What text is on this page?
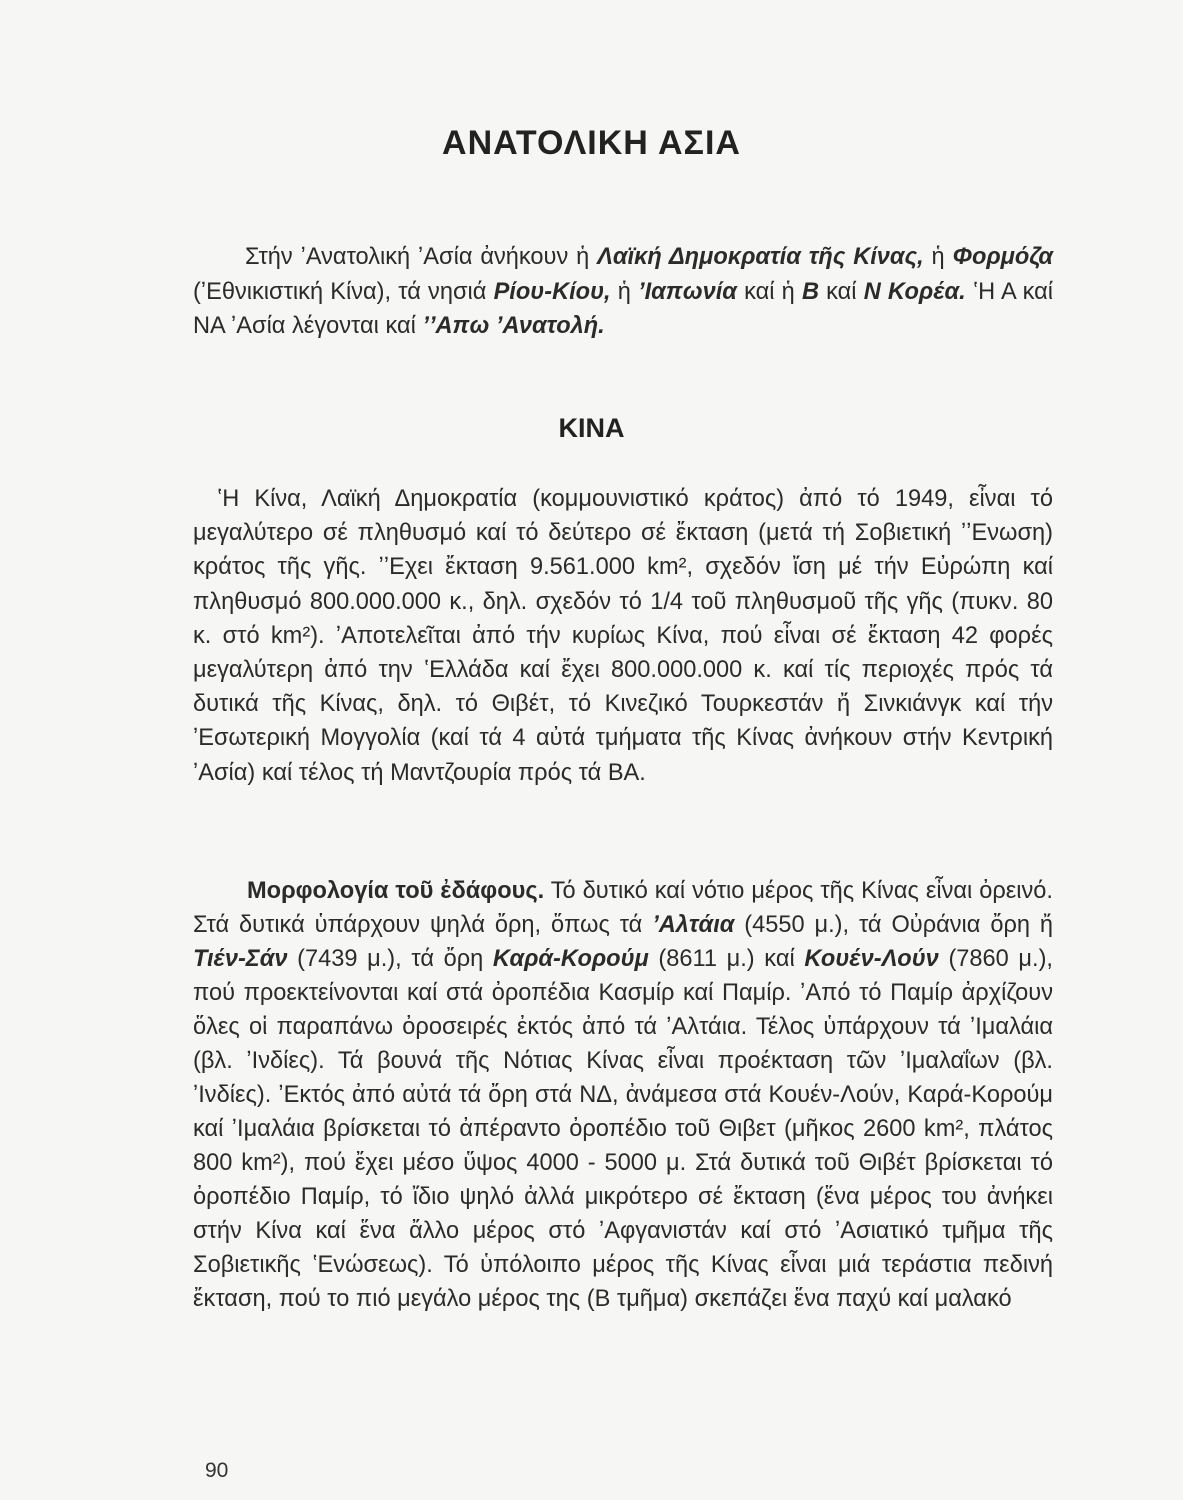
ΑΝΑΤΟΛΙΚΗ ΑΣΙΑ

Στήν ʼΑνατολική ʼΑσία ἀνήκουν ἡ Λαϊκή Δημοκρατία τῆς Κίνας, ἡ Φορμόζα (ʼΕθνικιστική Κίνα), τά νησιά Ρίου-Κίου, ἡ ʼΙαπωνία καί ἡ Β καί Ν Κορέα. ʽΗ Α καί ΝΑ ʼΑσία λέγονται καί ʼʼΑπω ʼΑνατολή.

ΚΙΝΑ

ʽΗ Κίνα, Λαϊκή Δημοκρατία (κομμουνιστικό κράτος) ἀπό τό 1949, εἶναι τό μεγαλύτερο σέ πληθυσμό καί τό δεύτερο σέ ἔκταση (μετά τή Σοβιετική ʼʼΕνωση) κράτος τῆς γῆς. ʼʼΕχει ἔκταση 9.561.000 km², σχεδόν ἴση μέ τήν Εὐρώπη καί πληθυσμό 800.000.000 κ., δηλ. σχεδόν τό 1/4 τοῦ πληθυσμοῦ τῆς γῆς (πυκν. 80 κ. στό km²). ʼΑποτελεῖται ἀπό τήν κυρίως Κίνα, πού εἶναι σέ ἔκταση 42 φορές μεγαλύτερη ἀπό την ʽΕλλάδα καί ἔχει 800.000.000 κ. καί τίς περιοχές πρός τά δυτικά τῆς Κίνας, δηλ. τό Θιβέτ, τό Κινεζικό Τουρκεστάν ἤ Σινκιάνγκ καί τήν ʼΕσωτερική Μογγολία (καί τά 4 αὐτά τμήματα τῆς Κίνας ἀνήκουν στήν Κεντρική ʼΑσία) καί τέλος τή Μαντζουρία πρός τά ΒΑ.

Μορφολογία τοῦ ἐδάφους. Τό δυτικό καί νότιο μέρος τῆς Κίνας εἶναι ὀρεινό. Στά δυτικά ὑπάρχουν ψηλά ὄρη, ὅπως τά ʼΑλτάια (4550 μ.), τά Οὐράνια ὄρη ἤ Τιέν-Σάν (7439 μ.), τά ὄρη Καρά-Κορούμ (8611 μ.) καί Κουέν-Λούν (7860 μ.), πού προεκτείνονται καί στά ὀροπέδια Κασμίρ καί Παμίρ. ʼΑπό τό Παμίρ ἀρχίζουν ὅλες οἱ παραπάνω ὀροσειρές ἐκτός ἀπό τά ʼΑλτάια. Τέλος ὑπάρχουν τά ʼΙμαλάια (βλ. ʼΙνδίες). Τά βουνά τῆς Νότιας Κίνας εἶναι προέκταση τῶν ʼΙμαλαΐων (βλ. ʼΙνδίες). ʼΕκτός ἀπό αὐτά τά ὄρη στά ΝΔ, ἀνάμεσα στά Κουέν-Λούν, Καρά-Κορούμ καί ʼΙμαλάια βρίσκεται τό ἀπέραντο ὀροπέδιο τοῦ Θιβετ (μῆκος 2600 km², πλάτος 800 km²), πού ἔχει μέσο ὕψος 4000 - 5000 μ. Στά δυτικά τοῦ Θιβέτ βρίσκεται τό ὀροπέδιο Παμίρ, τό ἴδιο ψηλό ἀλλά μικρότερο σέ ἔκταση (ἕνα μέρος του ἀνήκει στήν Κίνα καί ἕνα ἄλλο μέρος στό ʼΑφγανιστάν καί στό ʼΑσιατικό τμῆμα τῆς Σοβιετικῆς ʽΕνώσεως). Τό ὑπόλοιπο μέρος τῆς Κίνας εἶναι μιά τεράστια πεδινή ἔκταση, πού το πιό μεγάλο μέρος της (Β τμῆμα) σκεπάζει ἕνα παχύ καί μαλακό

90
